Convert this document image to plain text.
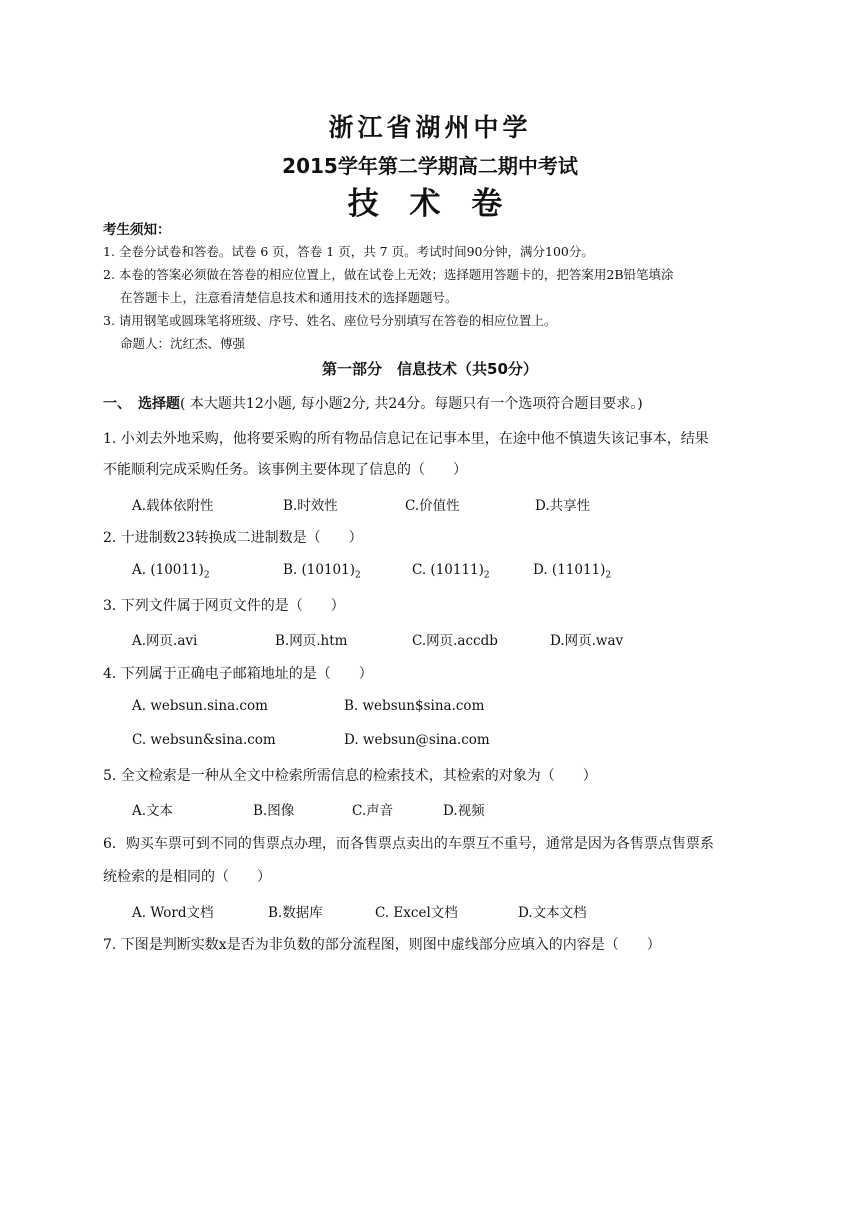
浙江省湖州中学
2015学年第二学期高二期中考试
技 术 卷
考生须知：
1. 全卷分试卷和答卷。试卷 6 页，答卷 1 页，共 7 页。考试时间90分钟，满分100分。
2. 本卷的答案必须做在答卷的相应位置上，做在试卷上无效；选择题用答题卡的，把答案用2B铅笔填涂
在答题卡上，注意看清楚信息技术和通用技术的选择题题号。
3. 请用钢笔或圆珠笔将班级、序号、姓名、座位号分别填写在答卷的相应位置上。
命题人：沈红杰、傅强
第一部分　信息技术（共50分）
一、　选择题( 本大题共12小题, 每小题2分, 共24分。每题只有一个选项符合题目要求。)
1. 小刘去外地采购，他将要采购的所有物品信息记在记事本里，在途中他不慎遗失该记事本，结果
不能顺利完成采购任务。该事例主要体现了信息的（　　）
A.载体依附性	B.时效性	C.价值性	D.共享性
2. 十进制数23转换成二进制数是（　　）
A. $(10011)_2$	B. $(10101)_2$	C. $(10111)_2$	D. $(11011)_2$
3. 下列文件属于网页文件的是（　　）
A.网页.avi	B.网页.htm	C.网页.accdb	D.网页.wav
4. 下列属于正确电子邮箱地址的是（　　）
A. websun.sina.com	B. websun$sina.com
C. websun&sina.com	D. websun@sina.com
5. 全文检索是一种从全文中检索所需信息的检索技术，其检索的对象为（　　）
A.文本	B.图像	C.声音	D.视频
6．购买车票可到不同的售票点办理，而各售票点卖出的车票互不重号，通常是因为各售票点售票系
统检索的是相同的（　　）
A. Word文档	B.数据库	C. Excel文档	D.文本文档
7. 下图是判断实数x是否为非负数的部分流程图，则图中虚线部分应填入的内容是（　　）
